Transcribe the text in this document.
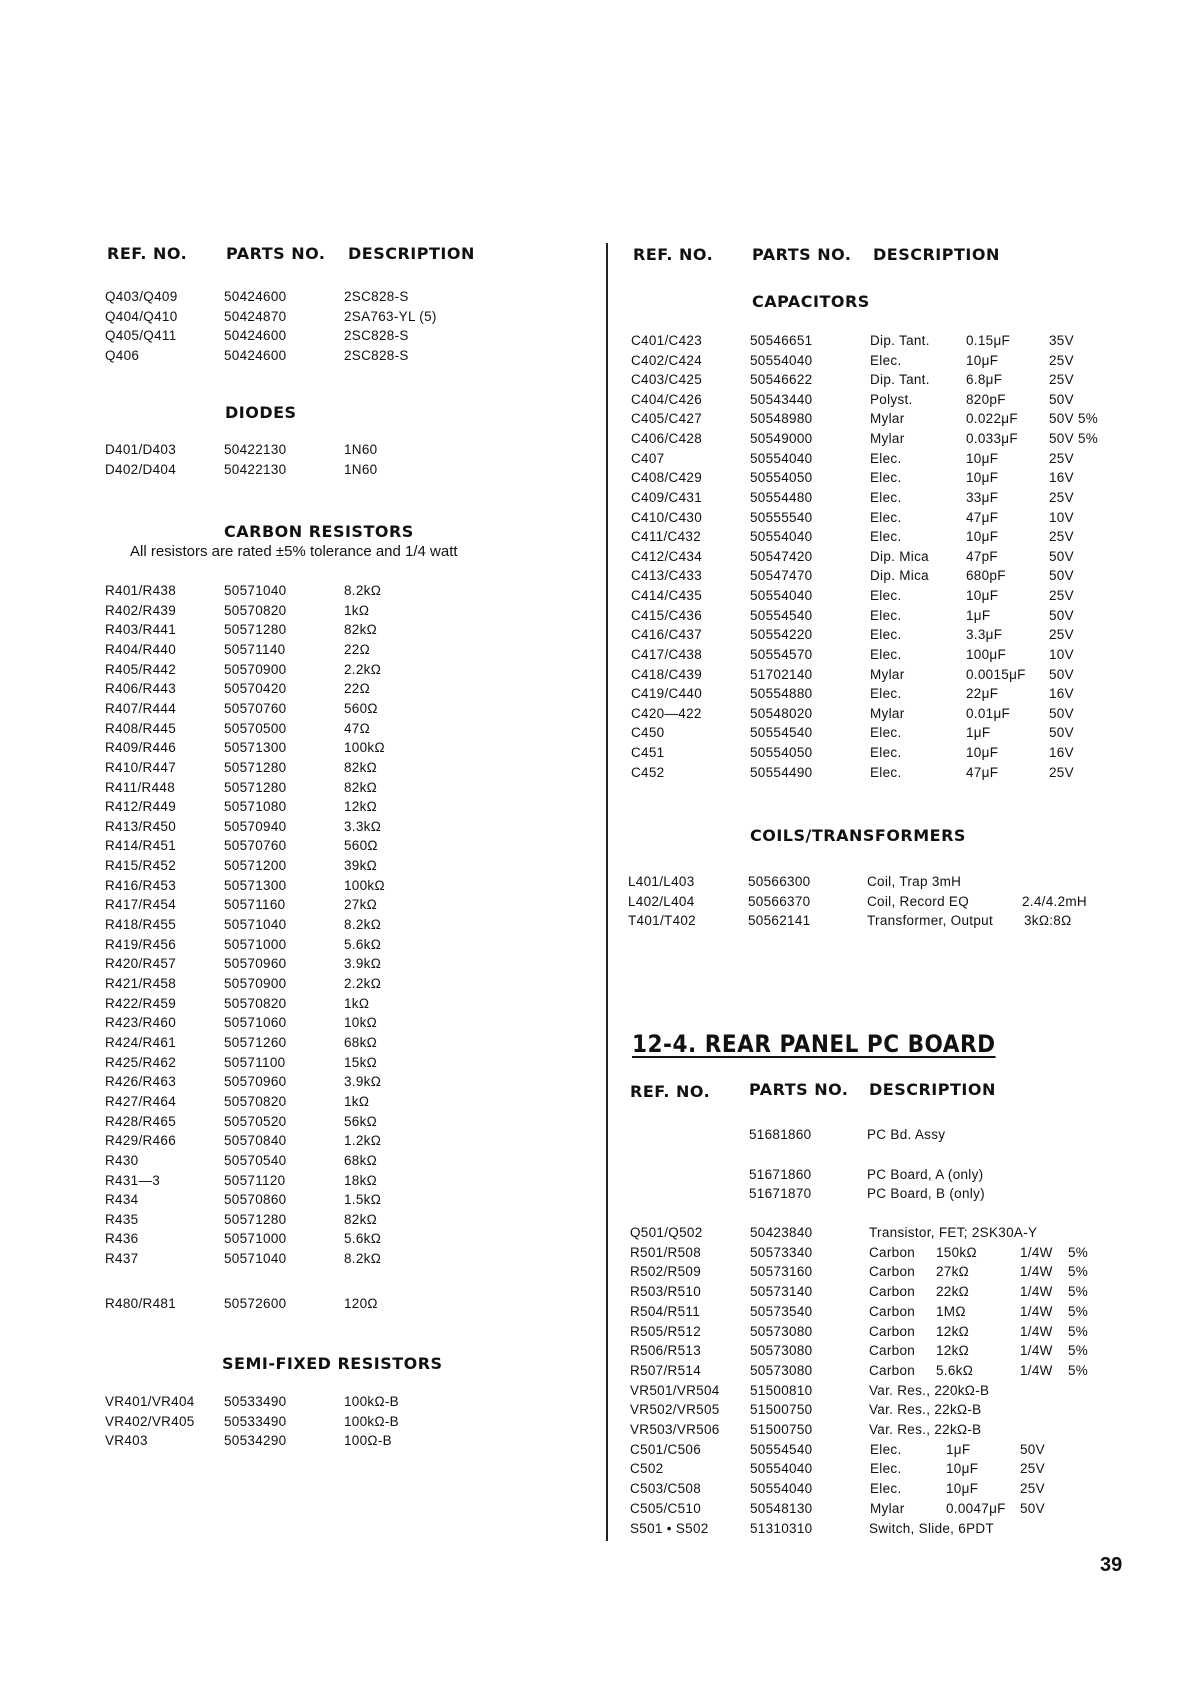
REF. NO. PARTS NO. DESCRIPTION
Q403/Q409	50424600	2SC828-S
Q404/Q410	50424870	2SA763-YL (5)
Q405/Q411	50424600	2SC828-S
Q406	50424600	2SC828-S
D401/D403	50422130	1N60
D402/D404	50422130	1N60
R401/R438	50571040	8.2kΩ
R402/R439	50570820	1kΩ
R403/R441	50571280	82kΩ
R404/R440	50571140	22Ω
R405/R442	50570900	2.2kΩ
R406/R443	50570420	22Ω
R407/R444	50570760	560Ω
R408/R445	50570500	47Ω
R409/R446	50571300	100kΩ
R410/R447	50571280	82kΩ
R411/R448	50571280	82kΩ
R412/R449	50571080	12kΩ
R413/R450	50570940	3.3kΩ
R414/R451	50570760	560Ω
R415/R452	50571200	39kΩ
R416/R453	50571300	100kΩ
R417/R454	50571160	27kΩ
R418/R455	50571040	8.2kΩ
R419/R456	50571000	5.6kΩ
R420/R457	50570960	3.9kΩ
R421/R458	50570900	2.2kΩ
R422/R459	50570820	1kΩ
R423/R460	50571060	10kΩ
R424/R461	50571260	68kΩ
R425/R462	50571100	15kΩ
R426/R463	50570960	3.9kΩ
R427/R464	50570820	1kΩ
R428/R465	50570520	56kΩ
R429/R466	50570840	1.2kΩ
R430	50570540	68kΩ
R431—3	50571120	18kΩ
R434	50570860	1.5kΩ
R435	50571280	82kΩ
R436	50571000	5.6kΩ
R437	50571040	8.2kΩ
R480/R481	50572600	120Ω
VR401/VR404 50533490	100kΩ-B
VR402/VR405 50533490	100kΩ-B
VR403	50534290	100Ω-B
DIODES
CARBON RESISTORS
All resistors are rated ±5% tolerance and 1/4 watt
SEMI-FIXED RESISTORS
REF. NO. PARTS NO. DESCRIPTION
CAPACITORS
COILS/TRANSFORMERS
C401/C423	50546651	Dip. Tant.	0.15μF	35V
C402/C424	50554040	Elec.	10μF	25V
C403/C425	50546622	Dip. Tant.	6.8μF	25V
C404/C426	50543440	Polyst.	820pF	50V
C405/C427	50548980	Mylar	0.022μF 50V 5%
C406/C428	50549000	Mylar	0.033μF 50V 5%
C407	50554040	Elec.	10μF	25V
C408/C429	50554050	Elec.	10μF	16V
C409/C431	50554480	Elec.	33μF	25V
C410/C430	50555540	Elec.	47μF	10V
C411/C432	50554040	Elec.	10μF	25V
C412/C434	50547420	Dip. Mica	47pF	50V
C413/C433	50547470	Dip. Mica	680pF	50V
C414/C435	50554040	Elec.	10μF	25V
C415/C436	50554540	Elec.	1μF	50V
C416/C437	50554220	Elec.	3.3μF	25V
C417/C438	50554570	Elec.	100μF	10V
C418/C439	51702140	Mylar	0.0015μF 50V
C419/C440	50554880	Elec.	22μF	16V
C420—422	50548020	Mylar	0.01μF	50V
C450	50554540	Elec.	1μF	50V
C451	50554050	Elec.	10μF	16V
C452	50554490	Elec.	47μF	25V
L401/L403	50566300	Coil, Trap 3mH
L402/L404	50566370	Coil, Record EQ	2.4/4.2mH
T401/T402	50562141	Transformer, Output 3kΩ:8Ω
51681860	PC Bd. Assy
51671860	PC Board, A (only)
51671870	PC Board, B (only)
Q501/Q502	50423840	Transistor, FET; 2SK30A-Y
R501/R508	50573340	Carbon 150kΩ	1/4W 5%
R502/R509	50573160	Carbon 27kΩ	1/4W 5%
R503/R510	50573140	Carbon 22kΩ	1/4W 5%
R504/R511	50573540	Carbon 1MΩ	1/4W 5%
R505/R512	50573080	Carbon 12kΩ	1/4W 5%
R506/R513	50573080	Carbon 12kΩ	1/4W 5%
R507/R514	50573080	Carbon 5.6kΩ	1/4W 5%
VR501/VR504 51500810	Var. Res., 220kΩ-B
VR502/VR505 51500750	Var. Res., 22kΩ-B
VR503/VR506 51500750	Var. Res., 22kΩ-B
C501/C506	50554540	Elec.	1μF	50V
C502	50554040	Elec.	10μF	25V
C503/C508	50554040	Elec.	10μF	25V
C505/C510	50548130	Mylar	0.0047μF 50V
S501 • S502	51310310	Switch, Slide, 6PDT
12-4. REAR PANEL PC BOARD
REF. NO. PARTS NO. DESCRIPTION
39
